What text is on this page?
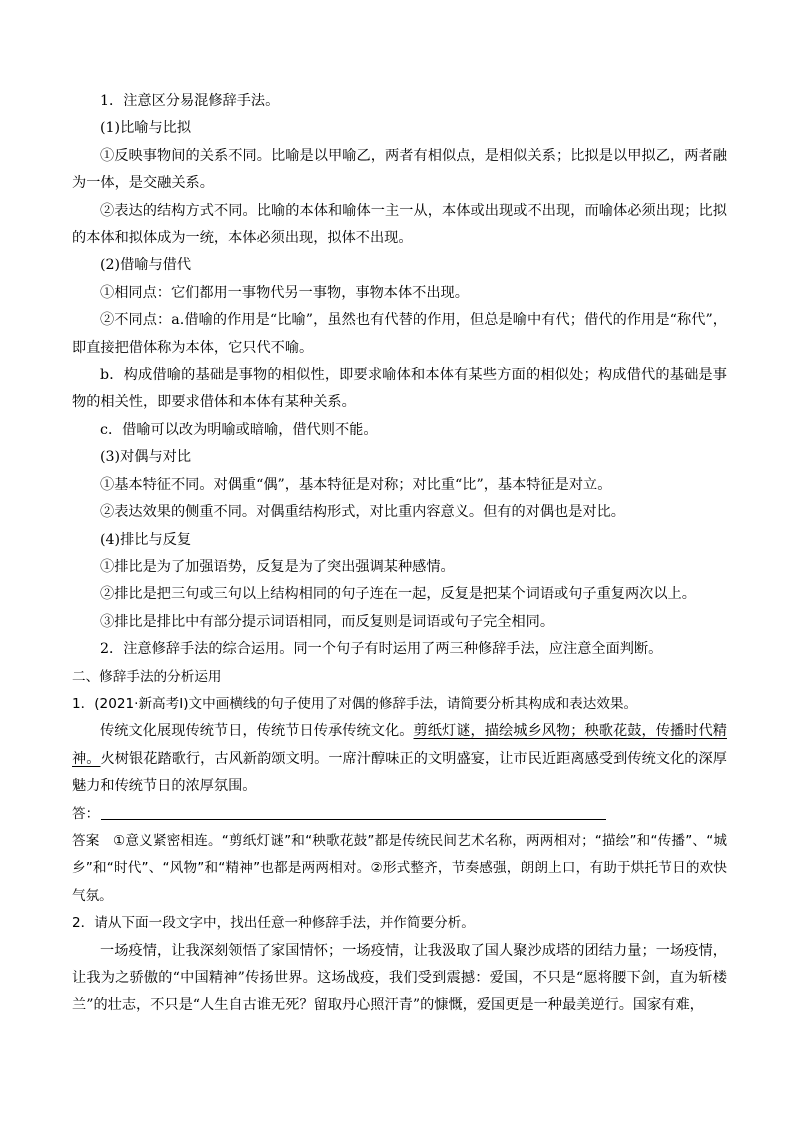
1．注意区分易混修辞手法。
(1)比喻与比拟
①反映事物间的关系不同。比喻是以甲喻乙，两者有相似点，是相似关系；比拟是以甲拟乙，两者融为一体，是交融关系。
②表达的结构方式不同。比喻的本体和喻体一主一从，本体或出现或不出现，而喻体必须出现；比拟的本体和拟体成为一统，本体必须出现，拟体不出现。
(2)借喻与借代
①相同点：它们都用一事物代另一事物，事物本体不出现。
②不同点：a.借喻的作用是“比喻”，虽然也有代替的作用，但总是喻中有代；借代的作用是“称代”，即直接把借体称为本体，它只代不喻。
b．构成借喻的基础是事物的相似性，即要求喻体和本体有某些方面的相似处；构成借代的基础是事物的相关性，即要求借体和本体有某种关系。
c．借喻可以改为明喻或暗喻，借代则不能。
(3)对偶与对比
①基本特征不同。对偶重“偶”，基本特征是对称；对比重“比”，基本特征是对立。
②表达效果的侧重不同。对偶重结构形式，对比重内容意义。但有的对偶也是对比。
(4)排比与反复
①排比是为了加强语势，反复是为了突出强调某种感情。
②排比是把三句或三句以上结构相同的句子连在一起，反复是把某个词语或句子重复两次以上。
③排比是排比中有部分提示词语相同，而反复则是词语或句子完全相同。
2．注意修辞手法的综合运用。同一个句子有时运用了两三种修辞手法，应注意全面判断。
二、修辞手法的分析运用
1．(2021·新高考Ⅰ)文中画横线的句子使用了对偶的修辞手法，请简要分析其构成和表达效果。
传统文化展现传统节日，传统节日传承传统文化。剪纸灯谜，描绘城乡风物；秧歌花鼓，传播时代精神。火树银花踏歌行，古风新韵颂文明。一席汁醇味正的文明盛宴，让市民近距离感受到传统文化的深厚魅力和传统节日的浓厚氛围。
答：
答案 ①意义紧密相连。“剪纸灯谜”和“秧歌花鼓”都是传统民间艺术名称，两两相对；“描绘”和“传播”、“城乡”和“时代”、“风物”和“精神”也都是两两相对。②形式整齐，节奏感强，朗朗上口，有助于烘托节日的欢快气氛。
2．请从下面一段文字中，找出任意一种修辞手法，并作简要分析。
一场疫情，让我深刻领悟了家国情怀；一场疫情，让我汲取了国人聚沙成塔的团结力量；一场疫情，让我为之骄傲的“中国精神”传扬世界。这场战疫，我们受到震撼：爱国，不只是“愿将腰下剑，直为斩楼兰”的壮志，不只是“人生自古谁无死？留取丹心照汗青”的慷慨，爱国更是一种最美逆行。国家有难，
